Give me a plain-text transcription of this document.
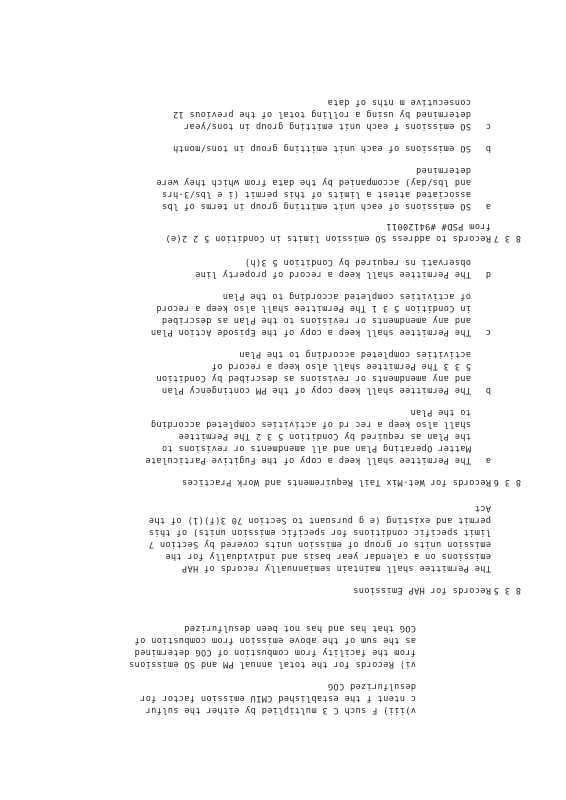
v)iii) F such C 3 multiplied by either the sulfur
c ntent f the established CMIU emission factor for
desulfurized COG
vi) Records for the total annual PM and SO emissions
from the facility from combustion of COG determined
as the sum of the above emission from combustion of
COG that has and has not been desulfurized
8 3 5
Records for HAP Emissions
The Permittee shall maintain semiannually records of HAP
emissions on a calendar year basis and individually for the
emission units or group of emission units covered by Section 7
limit specific conditions for specific emission units) of this
permit and existing (e g pursuant to Section 70 3(f)(1) of the
Act
8 3 6
Records for Wet-Mix Tail Requirements and Work Practices
a
The Permittee shall keep a copy of the Fugitive Particulate
Matter Operating Plan and all amendments or revisions to
the Plan as required by Condition 5 3 2 The Permittee
shall also keep a rec rd of activities completed according
to the Plan
b
The Permittee shall keep copy of the PM contingency Plan
and any amendments or revisions as described by Condition
5 3 3 The Permittee shall also keep a record of
activities completed according to the Plan
c
The Permittee shall keep a copy of the Episode Action Plan
and any amendments or revisions to the Plan as described
in Condition 5 3 1 The Permittee shall also keep a record
of activities completed according to the Plan
d
The Permittee shall keep a record of property line
observati ns required by Condition 5 3(h)
8 3 7
Records to address SO emission limits in Condition 5 2 2(e)
from PSD# #94120011
a
SO emissions of each unit emitting group in terms of lbs
associated attest a limits of this permit (i e lbs/3-hrs
and lbs/day) accompanied by the data from which they were
determined
b
SO emissions of each unit emitting group in tons/month
c
SO emissions f each unit emitting group in tons/year
determined by using a rolling total of the previous 12
consecutive m nths of data
